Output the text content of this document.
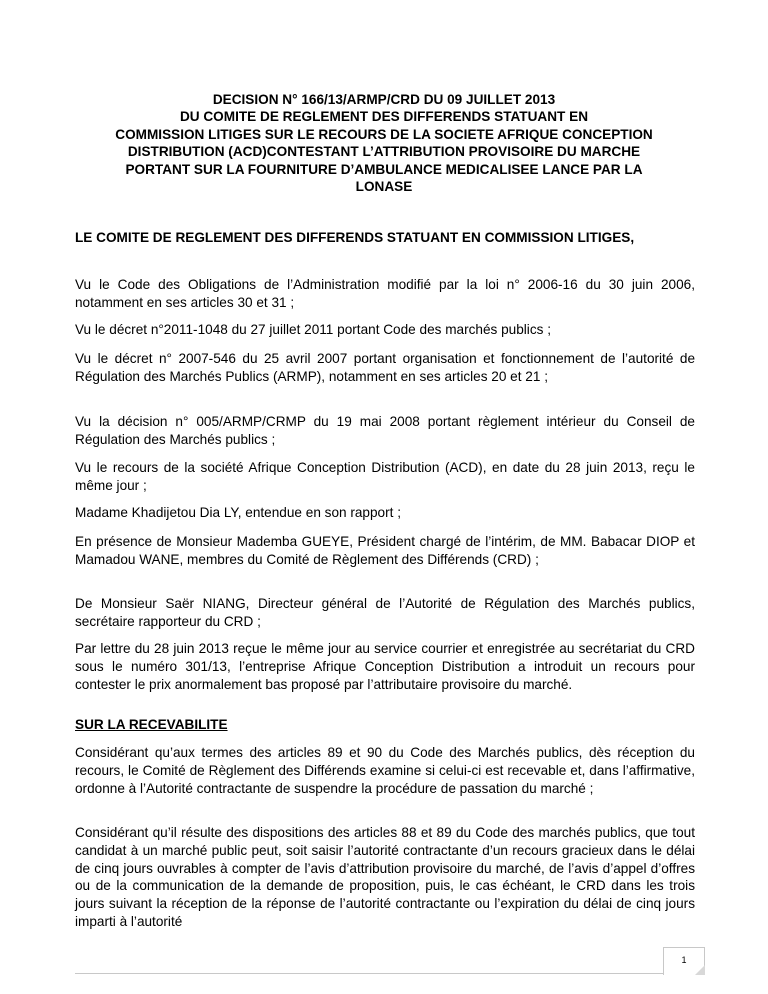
DECISION N° 166/13/ARMP/CRD DU 09 JUILLET 2013
DU COMITE DE REGLEMENT DES DIFFERENDS STATUANT EN
COMMISSION LITIGES SUR LE RECOURS DE LA SOCIETE AFRIQUE CONCEPTION
DISTRIBUTION (ACD)CONTESTANT L’ATTRIBUTION PROVISOIRE DU MARCHE
PORTANT SUR LA FOURNITURE D’AMBULANCE MEDICALISEE LANCE PAR LA
LONASE
LE COMITE DE REGLEMENT DES DIFFERENDS STATUANT EN COMMISSION LITIGES,
Vu le Code des Obligations de l’Administration modifié par la loi n° 2006-16 du 30 juin 2006, notamment en ses articles 30 et 31 ;
Vu le décret n°2011-1048 du 27 juillet 2011 portant Code des marchés publics ;
Vu le décret n° 2007-546 du 25 avril 2007 portant organisation et fonctionnement de l’autorité de Régulation des Marchés Publics (ARMP), notamment en ses articles 20 et 21 ;
Vu la décision n° 005/ARMP/CRMP du 19 mai 2008 portant règlement intérieur du Conseil de Régulation des Marchés publics ;
Vu le recours de la société Afrique Conception Distribution (ACD), en date du 28 juin 2013, reçu le même jour ;
Madame Khadijetou Dia LY, entendue en son rapport ;
En présence de Monsieur Mademba GUEYE, Président chargé de l’intérim, de MM. Babacar DIOP et Mamadou WANE, membres du Comité de Règlement des Différends (CRD) ;
De Monsieur Saër NIANG, Directeur général de l’Autorité de Régulation des Marchés publics, secrétaire rapporteur du CRD ;
Par lettre du 28 juin 2013 reçue le même jour au service courrier et enregistrée au secrétariat du CRD sous le numéro 301/13, l’entreprise Afrique Conception Distribution a introduit un recours pour contester le prix anormalement bas proposé par l’attributaire provisoire du marché.
SUR LA RECEVABILITE
Considérant qu’aux termes des articles 89 et 90 du Code des Marchés publics, dès réception du recours, le Comité de Règlement des Différends examine si celui-ci est recevable et, dans l’affirmative, ordonne à l’Autorité contractante de suspendre la procédure de passation du marché ;
Considérant qu’il résulte des dispositions des articles 88 et 89 du Code des marchés publics, que tout candidat à un marché public peut, soit saisir l’autorité contractante d’un recours gracieux dans le délai de cinq jours ouvrables à compter de l’avis d’attribution provisoire du marché, de l’avis d’appel d’offres ou de la communication de la demande de proposition, puis, le cas échéant, le CRD dans les trois jours suivant la réception de la réponse de l’autorité contractante ou l’expiration du délai de cinq jours imparti à l’autorité
1
